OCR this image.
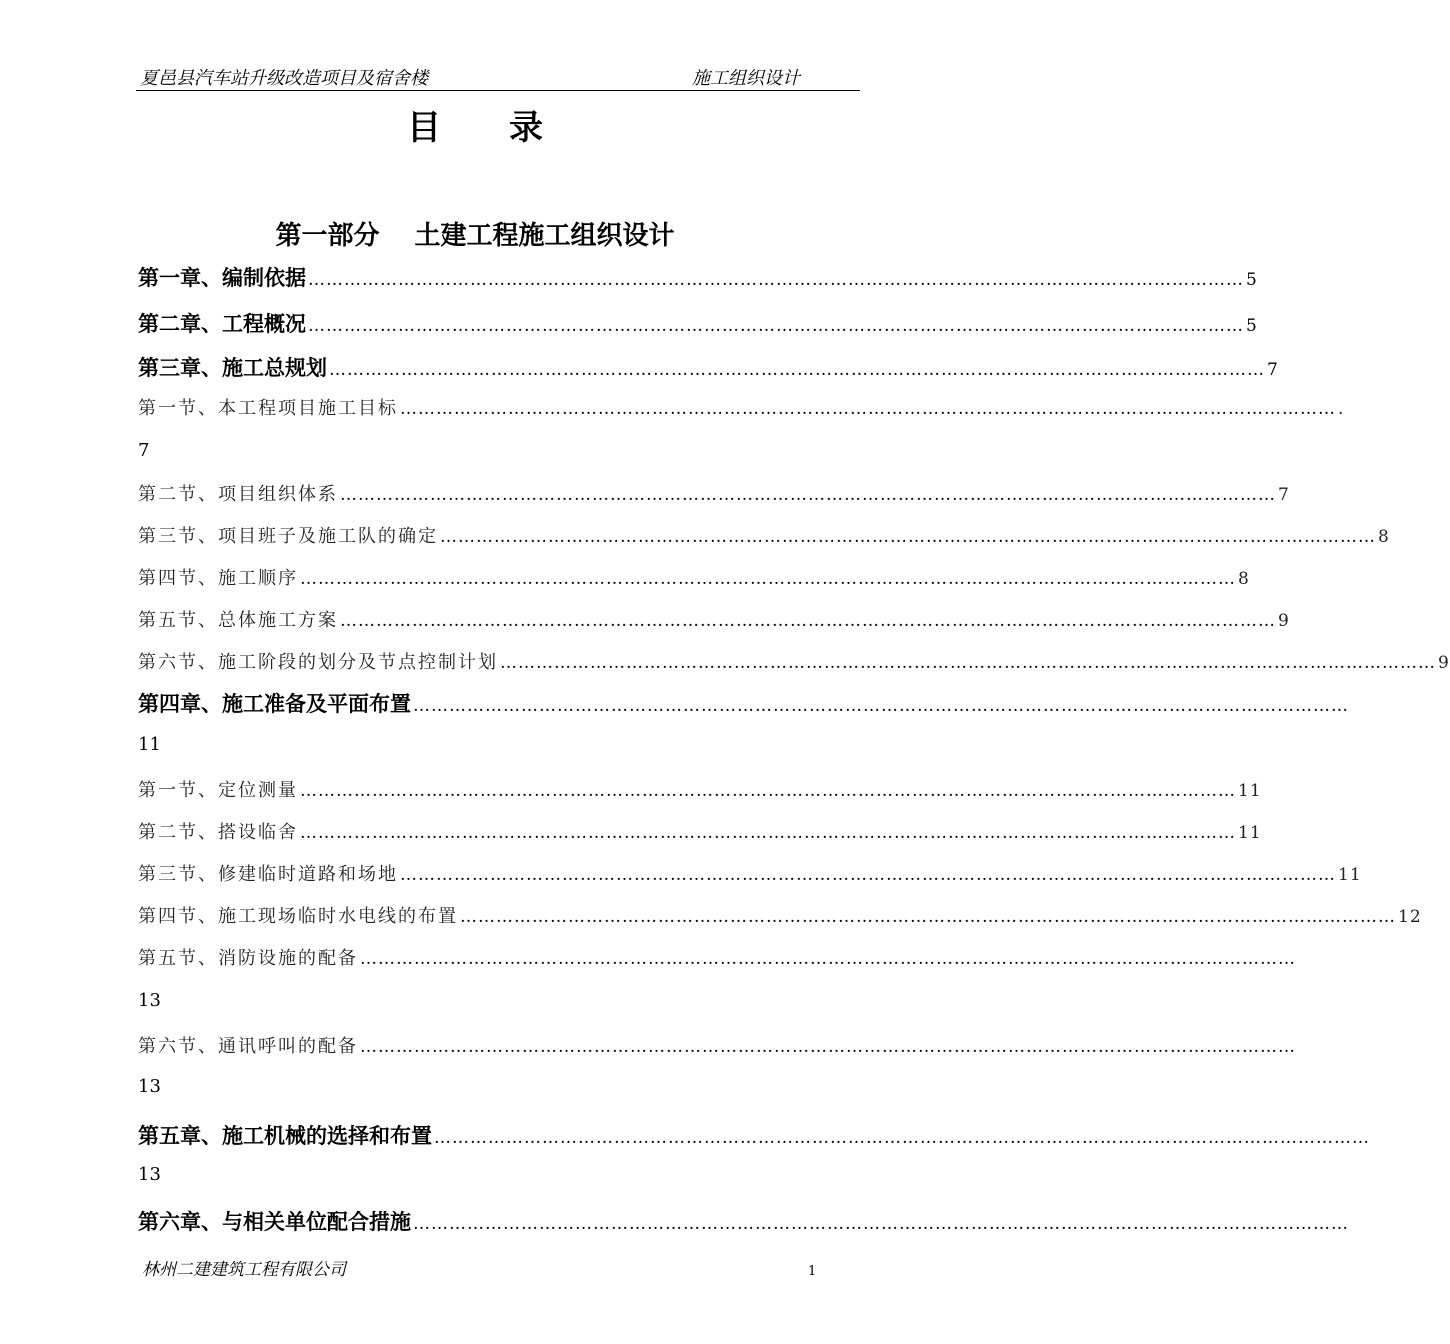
夏邑县汽车站升级改造项目及宿舍楼	施工组织设计
目　　录
第一部分　 土建工程施工组织设计
第一章、编制依据 ………………………………………………………………………………………………………………………………………… 5
第二章、工程概况 ………………………………………………………………………………………………………………………………………… 5
第三章、施工总规划 ………………………………………………………………………………………………………………………………………… 7
第一节、本工程项目施工目标 ………………………………………………………………………………………………………………………………………… .
7
第二节、项目组织体系 ………………………………………………………………………………………………………………………………………… 7
第三节、项目班子及施工队的确定 ………………………………………………………………………………………………………………………………………… 8
第四节、施工顺序 ………………………………………………………………………………………………………………………………………… 8
第五节、总体施工方案 ………………………………………………………………………………………………………………………………………… 9
第六节、施工阶段的划分及节点控制计划 ………………………………………………………………………………………………………………………………………… 9
第四章、施工准备及平面布置 …………………………………………………………………………………………………………………………………………
11
第一节、定位测量 ………………………………………………………………………………………………………………………………………… 11
第二节、搭设临舍 ………………………………………………………………………………………………………………………………………… 11
第三节、修建临时道路和场地 ………………………………………………………………………………………………………………………………………… 11
第四节、施工现场临时水电线的布置 ………………………………………………………………………………………………………………………………………… 12
第五节、消防设施的配备 …………………………………………………………………………………………………………………………………………
13
第六节、通讯呼叫的配备 …………………………………………………………………………………………………………………………………………
13
第五章、施工机械的选择和布置 …………………………………………………………………………………………………………………………………………
13
第六章、与相关单位配合措施 …………………………………………………………………………………………………………………………………………
林州二建建筑工程有限公司	1
